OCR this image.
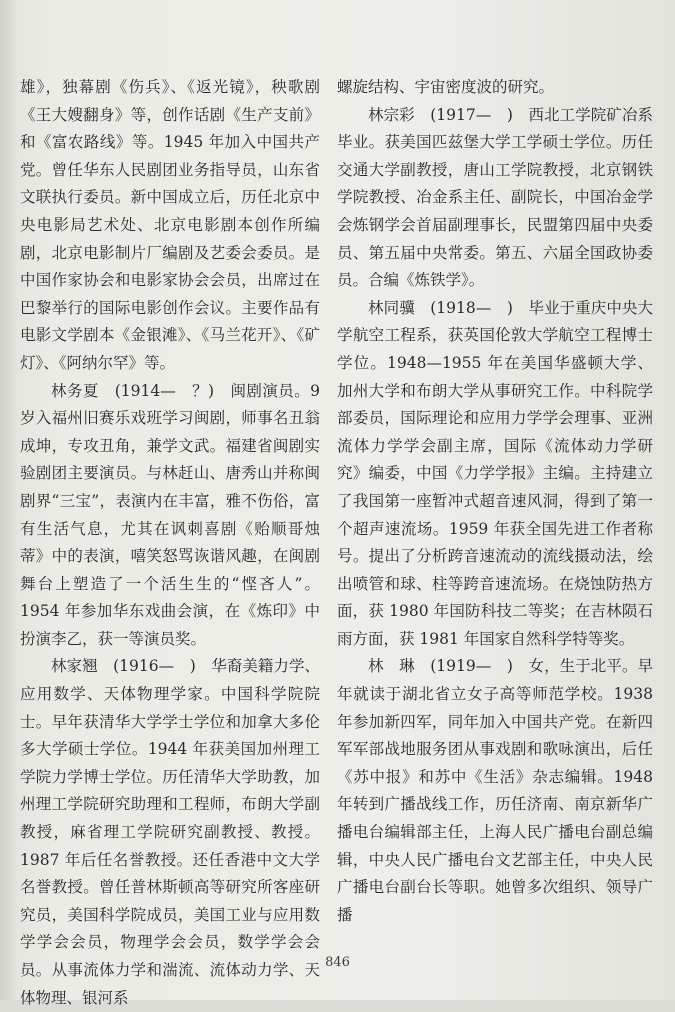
雄》，独幕剧《伤兵》、《返光镜》，秧歌剧《王大嫂翻身》等，创作话剧《生产支前》和《富农路线》等。1945 年加入中国共产党。曾任华东人民剧团业务指导员，山东省文联执行委员。新中国成立后，历任北京中央电影局艺术处、北京电影剧本创作所编剧，北京电影制片厂编剧及艺委会委员。是中国作家协会和电影家协会会员，出席过在巴黎举行的国际电影创作会议。主要作品有电影文学剧本《金银滩》、《马兰花开》、《矿灯》、《阿纳尔罕》等。

林务夏　(1914—　？)　闽剧演员。9 岁入福州旧赛乐戏班学习闽剧，师事名丑翁成坤，专攻丑角，兼学文武。福建省闽剧实验剧团主要演员。与林赶山、唐秀山并称闽剧界“三宝”，表演内在丰富，雅不伤俗，富有生活气息，尤其在讽刺喜剧《贻顺哥烛蒂》中的表演，嘻笑怒骂诙谐风趣，在闽剧舞台上塑造了一个活生生的“悭吝人”。1954 年参加华东戏曲会演，在《炼印》中扮演李乙，获一等演员奖。

林家翘　(1916—　)　华裔美籍力学、应用数学、天体物理学家。中国科学院院士。早年获清华大学学士学位和加拿大多伦多大学硕士学位。1944 年获美国加州理工学院力学博士学位。历任清华大学助教，加州理工学院研究助理和工程师，布朗大学副教授，麻省理工学院研究副教授、教授。1987 年后任名誉教授。还任香港中文大学名誉教授。曾任普林斯顿高等研究所客座研究员，美国科学院成员，美国工业与应用数学学会会员，物理学会会员，数学学会会员。从事流体力学和湍流、流体动力学、天体物理、银河系

螺旋结构、宇宙密度波的研究。

林宗彩　(1917—　)　西北工学院矿冶系毕业。获美国匹兹堡大学工学硕士学位。历任交通大学副教授，唐山工学院教授，北京钢铁学院教授、冶金系主任、副院长，中国冶金学会炼钢学会首届副理事长，民盟第四届中央委员、第五届中央常委。第五、六届全国政协委员。合编《炼铁学》。

林同骥　(1918—　)　毕业于重庆中央大学航空工程系，获英国伦敦大学航空工程博士学位。1948—1955 年在美国华盛顿大学、加州大学和布朗大学从事研究工作。中科院学部委员，国际理论和应用力学学会理事、亚洲流体力学学会副主席，国际《流体动力学研究》编委，中国《力学学报》主编。主持建立了我国第一座暂冲式超音速风洞，得到了第一个超声速流场。1959 年获全国先进工作者称号。提出了分析跨音速流动的流线摄动法，绘出喷管和球、柱等跨音速流场。在烧蚀防热方面，获 1980 年国防科技二等奖；在吉林陨石雨方面，获 1981 年国家自然科学特等奖。

林　琳　(1919—　)　女，生于北平。早年就读于湖北省立女子高等师范学校。1938 年参加新四军，同年加入中国共产党。在新四军军部战地服务团从事戏剧和歌咏演出，后任《苏中报》和苏中《生活》杂志编辑。1948 年转到广播战线工作，历任济南、南京新华广播电台编辑部主任，上海人民广播电台副总编辑，中央人民广播电台文艺部主任，中央人民广播电台副台长等职。她曾多次组织、领导广播

846
